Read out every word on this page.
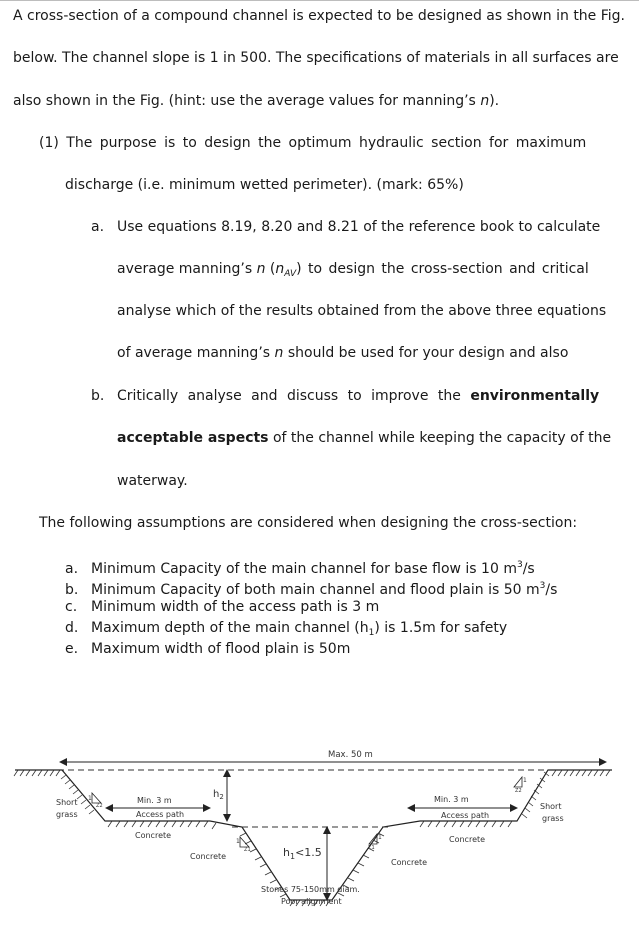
A cross-section of a compound channel is expected to be designed as shown in the Fig.
below. The channel slope is 1 in 500. The specifications of materials in all surfaces are
also shown in the Fig. (hint: use the average values for manning’s n).
(1) The purpose is to design the optimum hydraulic section for maximum
discharge (i.e. minimum wetted perimeter). (mark: 65%)
a. Use equations 8.19, 8.20 and 8.21 of the reference book to calculate
average manning’s n $(n_{AV})$ to design the cross-section and critical
analyse which of the results obtained from the above three equations
of average manning’s n should be used for your design and also
b. Critically analyse and discuss to improve the environmentally
acceptable aspects of the channel while keeping the capacity of the
waterway.
The following assumptions are considered when designing the cross-section:
a. Minimum Capacity of the main channel for base flow is 10 $m^3/s$
b. Minimum Capacity of both main channel and flood plain is 50 $m^3/s$
c. Minimum width of the access path is 3 m
d. Maximum depth of the main channel $(h_1)$ is 1.5m for safety
e. Maximum width of flood plain is 50m
Max. 50 m
$h_2$
$h_1<1.5$
1
Z2
1
Z1
1
Z1
1
Z2
Short
grass
Min. 3 m
Access path
Concrete
Concrete
Min. 3 m
Access path
Concrete
Concrete
Short
grass
Stones 75-150mm diam.
Poor alignment
